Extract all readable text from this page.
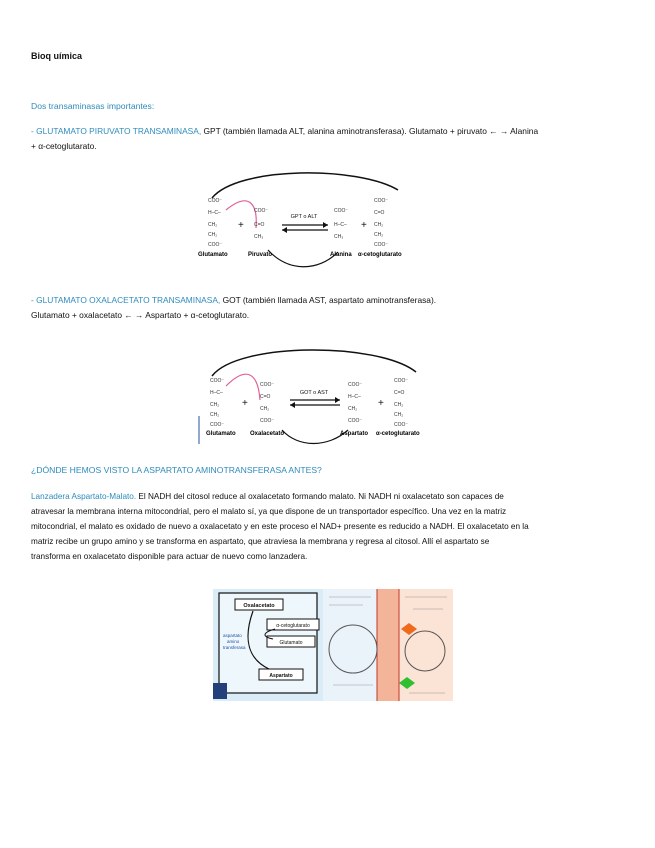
Bioq uímica
Dos transaminasas importantes:
- GLUTAMATO PIRUVATO TRANSAMINASA, GPT (también llamada ALT, alanina aminotransferasa). Glutamato + piruvato ← → Alanina
+ α-cetoglutarato.
COO⁻
H–C–
CH₂
CH₂
COO⁻
COO⁻
C=O
CH₃
COO⁻
H–C–
CH₃
COO⁻
C=O
CH₂
CH₂
COO⁻
+	+
GPT o ALT
Glutamato	Piruvato	Alanina α-cetoglutarato
- GLUTAMATO OXALACETATO TRANSAMINASA, GOT (también llamada AST, aspartato aminotransferasa).
Glutamato + oxalacetato ← → Aspartato + α-cetoglutarato.
COO⁻
H–C–
CH₂
CH₂
COO⁻
COO⁻
C=O
CH₂
COO⁻
COO⁻
H–C–
CH₂
COO⁻
COO⁻
C=O
CH₂
CH₂
COO⁻
+	+
GOT o AST
Glutamato Oxalacetato	Aspartato α-cetoglutarato
¿DÓNDE HEMOS VISTO LA ASPARTATO AMINOTRANSFERASA ANTES?
Lanzadera Aspartato-Malato. El NADH del citosol reduce al oxalacetato formando malato. Ni NADH ni oxalacetato son capaces de
atravesar la membrana interna mitocondrial, pero el malato sí, ya que dispone de un transportador específico. Una vez en la matriz
mitocondrial, el malato es oxidado de nuevo a oxalacetato y en este proceso el NAD+ presente es reducido a NADH. El oxalacetato en la
matriz recibe un grupo amino y se transforma en aspartato, que atraviesa la membrana y regresa al citosol. Allí el aspartato se
transforma en oxalacetato disponible para actuar de nuevo como lanzadera.
Oxalacetato
α-cetoglutarato
Glutamato
Aspartato
aspartato
amino
transferasa
